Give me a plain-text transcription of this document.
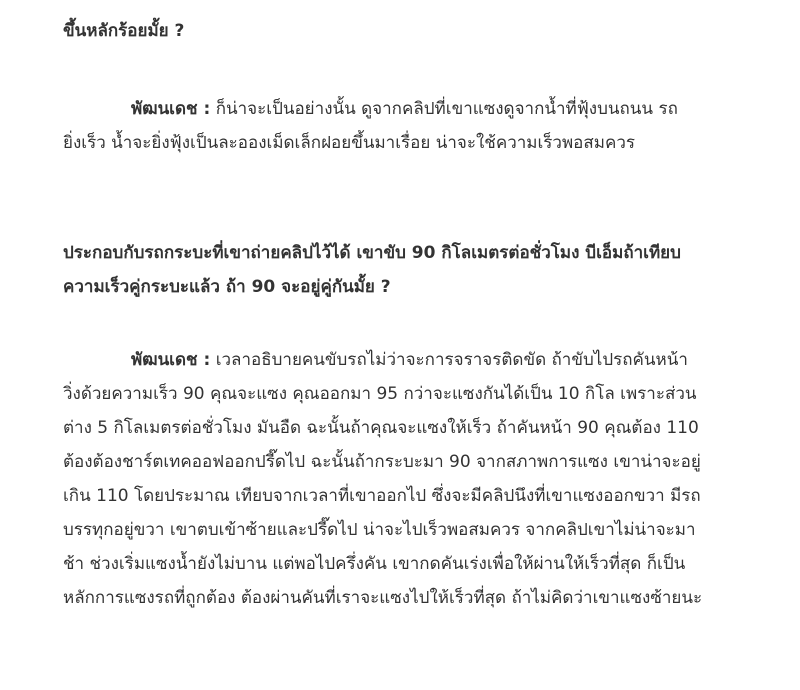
ขึ้นหลักร้อยมั้ย ?

พัฒนเดช : ก็น่าจะเป็นอย่างนั้น ดูจากคลิปที่เขาแซงดูจากน้ำที่ฟุ้งบนถนน รถยิ่งเร็ว น้ำจะยิ่งฟุ้งเป็นละอองเม็ดเล็กฝอยขึ้นมาเรื่อย น่าจะใช้ความเร็วพอสมควร

ประกอบกับรถกระบะที่เขาถ่ายคลิปไว้ได้ เขาขับ 90 กิโลเมตรต่อชั่วโมง บีเอ็มถ้าเทียบความเร็วคู่กระบะแล้ว ถ้า 90 จะอยู่คู่กันมั้ย ?

พัฒนเดช : เวลาอธิบายคนขับรถไม่ว่าจะการจราจรติดขัด ถ้าขับไปรถคันหน้าวิ่งด้วยความเร็ว 90 คุณจะแซง คุณออกมา 95 กว่าจะแซงกันได้เป็น 10 กิโล เพราะส่วนต่าง 5 กิโลเมตรต่อชั่วโมง มันอืด ฉะนั้นถ้าคุณจะแซงให้เร็ว ถ้าคันหน้า 90 คุณต้อง 110 ต้องต้องชาร์ตเทคออฟออกปรี๊ดไป ฉะนั้นถ้ากระบะมา 90 จากสภาพการแซง เขาน่าจะอยู่เกิน 110 โดยประมาณ เทียบจากเวลาที่เขาออกไป ซึ่งจะมีคลิปนึงที่เขาแซงออกขวา มีรถบรรทุกอยู่ขวา เขาตบเข้าซ้ายและปรี๊ดไป น่าจะไปเร็วพอสมควร จากคลิปเขาไม่น่าจะมาช้า ช่วงเริ่มแซงน้ำยังไม่บาน แต่พอไปครึ่งคัน เขากดคันเร่งเพื่อให้ผ่านให้เร็วที่สุด ก็เป็นหลักการแซงรถที่ถูกต้อง ต้องผ่านคันที่เราจะแซงไปให้เร็วที่สุด ถ้าไม่คิดว่าเขาแซงซ้ายนะ
